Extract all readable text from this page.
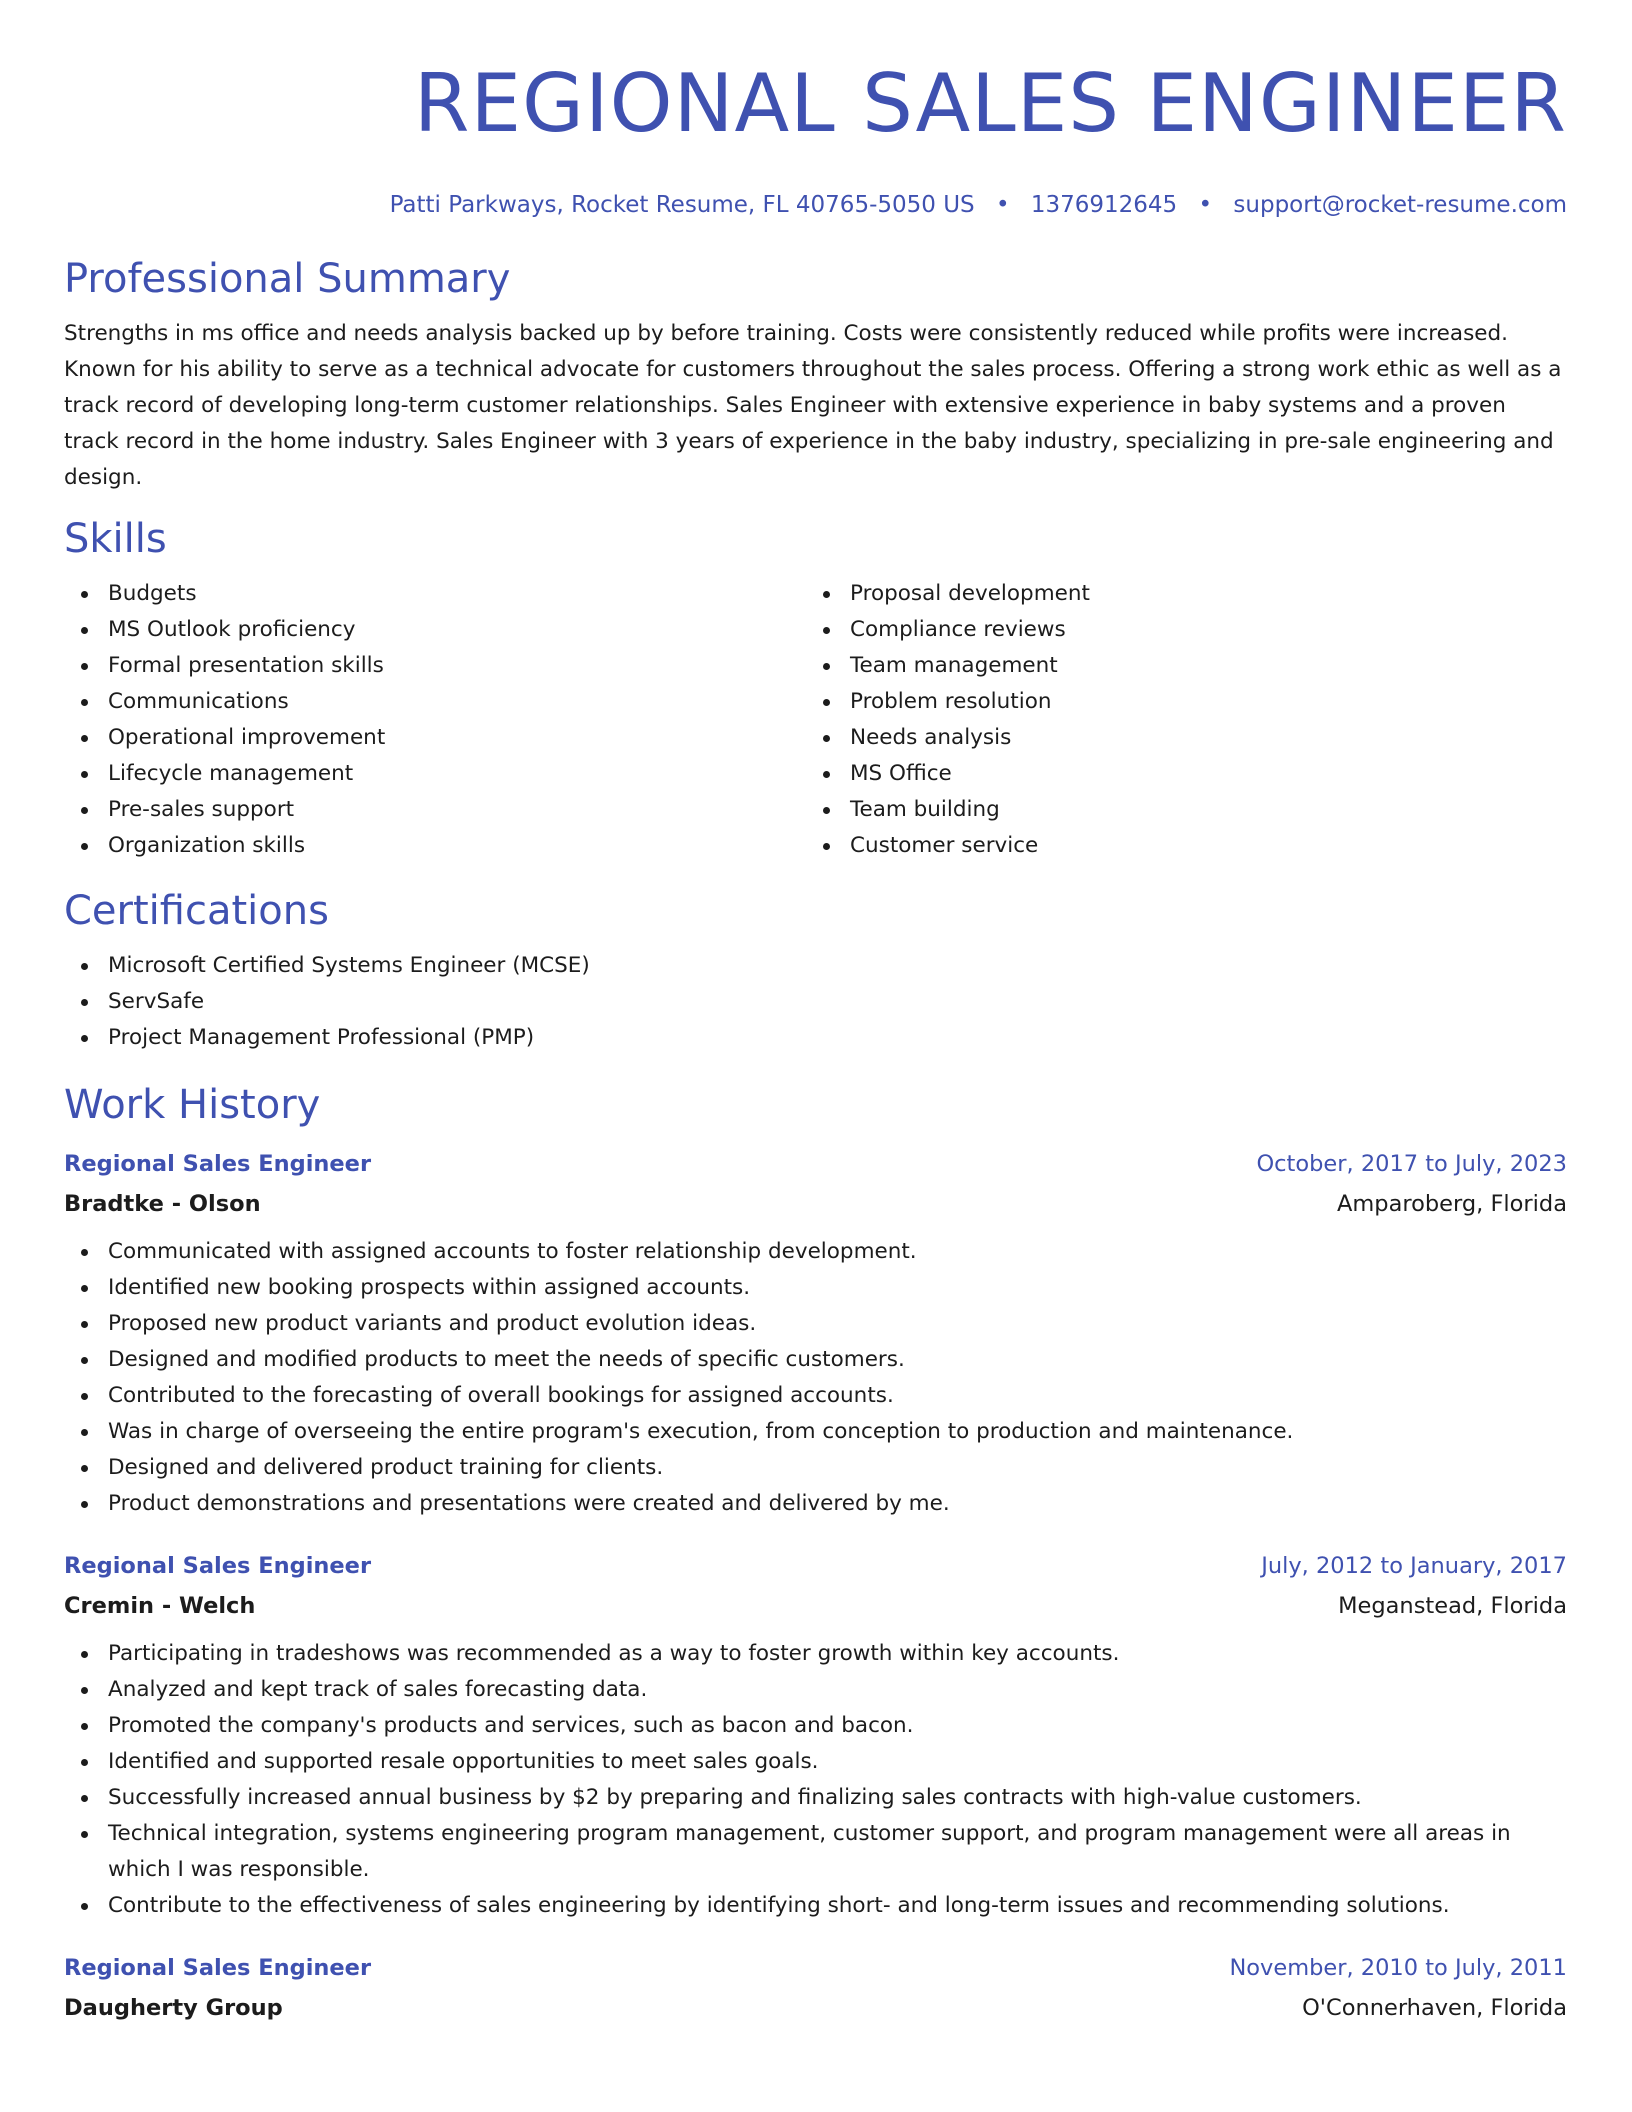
REGIONAL SALES ENGINEER
Patti Parkways, Rocket Resume, FL 40765-5050 US • 1376912645 • support@rocket-resume.com
Professional Summary

Strengths in ms office and needs analysis backed up by before training. Costs were consistently reduced while profits were increased. Known for his ability to serve as a technical advocate for customers throughout the sales process. Offering a strong work ethic as well as a track record of developing long-term customer relationships. Sales Engineer with extensive experience in baby systems and a proven track record in the home industry. Sales Engineer with 3 years of experience in the baby industry, specializing in pre-sale engineering and design.

Skills
Budgets
MS Outlook proficiency
Formal presentation skills
Communications
Operational improvement
Lifecycle management
Pre-sales support
Organization skills
Proposal development
Compliance reviews
Team management
Problem resolution
Needs analysis
MS Office
Team building
Customer service
Certifications
Microsoft Certified Systems Engineer (MCSE)
ServSafe
Project Management Professional (PMP)
Work History
Regional Sales Engineer	October, 2017 to July, 2023
Bradtke - Olson	Amparoberg, Florida
Communicated with assigned accounts to foster relationship development.
Identified new booking prospects within assigned accounts.
Proposed new product variants and product evolution ideas.
Designed and modified products to meet the needs of specific customers.
Contributed to the forecasting of overall bookings for assigned accounts.
Was in charge of overseeing the entire program's execution, from conception to production and maintenance.
Designed and delivered product training for clients.
Product demonstrations and presentations were created and delivered by me.
Regional Sales Engineer	July, 2012 to January, 2017
Cremin - Welch	Meganstead, Florida
Participating in tradeshows was recommended as a way to foster growth within key accounts.
Analyzed and kept track of sales forecasting data.
Promoted the company's products and services, such as bacon and bacon.
Identified and supported resale opportunities to meet sales goals.
Successfully increased annual business by $2 by preparing and finalizing sales contracts with high-value customers.
Technical integration, systems engineering program management, customer support, and program management were all areas in which I was responsible.
Contribute to the effectiveness of sales engineering by identifying short- and long-term issues and recommending solutions.
Regional Sales Engineer	November, 2010 to July, 2011
Daugherty Group	O'Connerhaven, Florida
